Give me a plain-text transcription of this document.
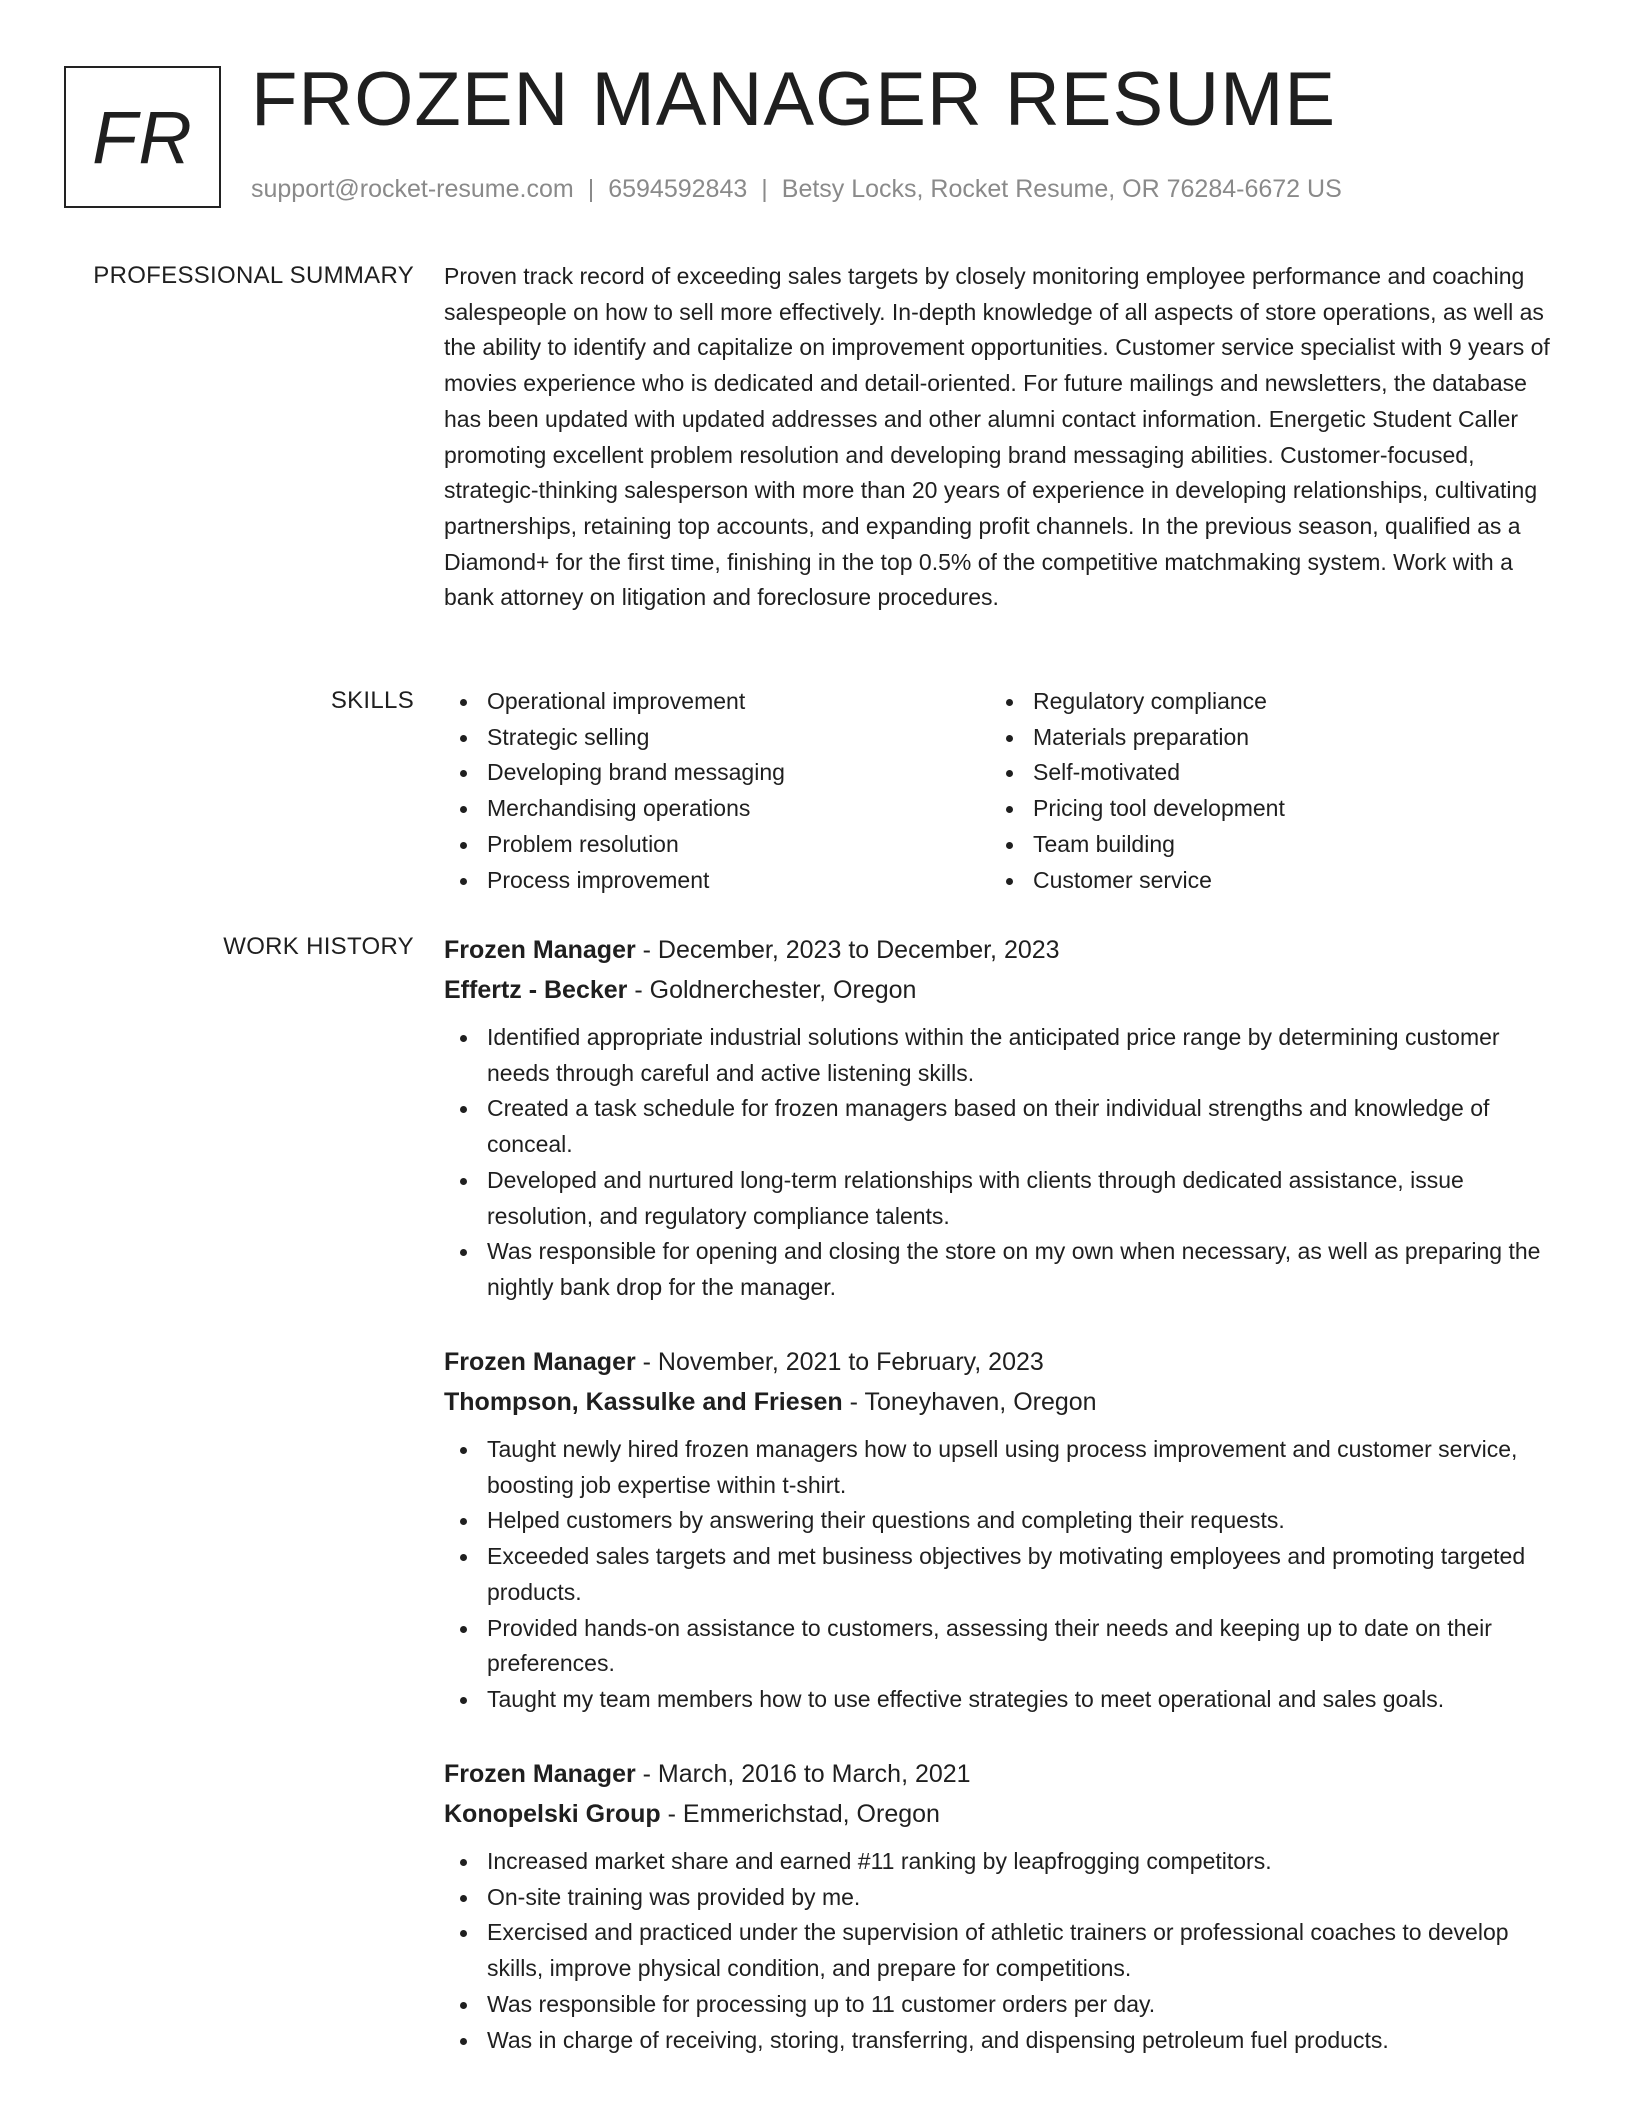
FR FROZEN MANAGER RESUME
support@rocket-resume.com | 6594592843 | Betsy Locks, Rocket Resume, OR 76284-6672 US
PROFESSIONAL SUMMARY Proven track record of exceeding sales targets by closely monitoring employee performance and coaching salespeople on how to sell more effectively. In-depth knowledge of all aspects of store operations, as well as the ability to identify and capitalize on improvement opportunities. Customer service specialist with 9 years of movies experience who is dedicated and detail-oriented. For future mailings and newsletters, the database has been updated with updated addresses and other alumni contact information. Energetic Student Caller promoting excellent problem resolution and developing brand messaging abilities. Customer-focused, strategic-thinking salesperson with more than 20 years of experience in developing relationships, cultivating partnerships, retaining top accounts, and expanding profit channels. In the previous season, qualified as a Diamond+ for the first time, finishing in the top 0.5% of the competitive matchmaking system. Work with a bank attorney on litigation and foreclosure procedures.

SKILLS	Operational improvement
Strategic selling
Developing brand messaging
Merchandising operations
Problem resolution
Process improvement
Regulatory compliance
Materials preparation
Self-motivated
Pricing tool development
Team building
Customer service
WORK HISTORY Frozen Manager - December, 2023 to December, 2023
Effertz - Becker - Goldnerchester, Oregon
Identified appropriate industrial solutions within the anticipated price range by determining customer needs through careful and active listening skills.
Created a task schedule for frozen managers based on their individual strengths and knowledge of conceal.
Developed and nurtured long-term relationships with clients through dedicated assistance, issue resolution, and regulatory compliance talents.
Was responsible for opening and closing the store on my own when necessary, as well as preparing the nightly bank drop for the manager.
Frozen Manager - November, 2021 to February, 2023
Thompson, Kassulke and Friesen - Toneyhaven, Oregon
Taught newly hired frozen managers how to upsell using process improvement and customer service, boosting job expertise within t-shirt.
Helped customers by answering their questions and completing their requests.
Exceeded sales targets and met business objectives by motivating employees and promoting targeted products.
Provided hands-on assistance to customers, assessing their needs and keeping up to date on their preferences.
Taught my team members how to use effective strategies to meet operational and sales goals.
Frozen Manager - March, 2016 to March, 2021
Konopelski Group - Emmerichstad, Oregon
Increased market share and earned #11 ranking by leapfrogging competitors.
On-site training was provided by me.
Exercised and practiced under the supervision of athletic trainers or professional coaches to develop skills, improve physical condition, and prepare for competitions.
Was responsible for processing up to 11 customer orders per day.
Was in charge of receiving, storing, transferring, and dispensing petroleum fuel products.
